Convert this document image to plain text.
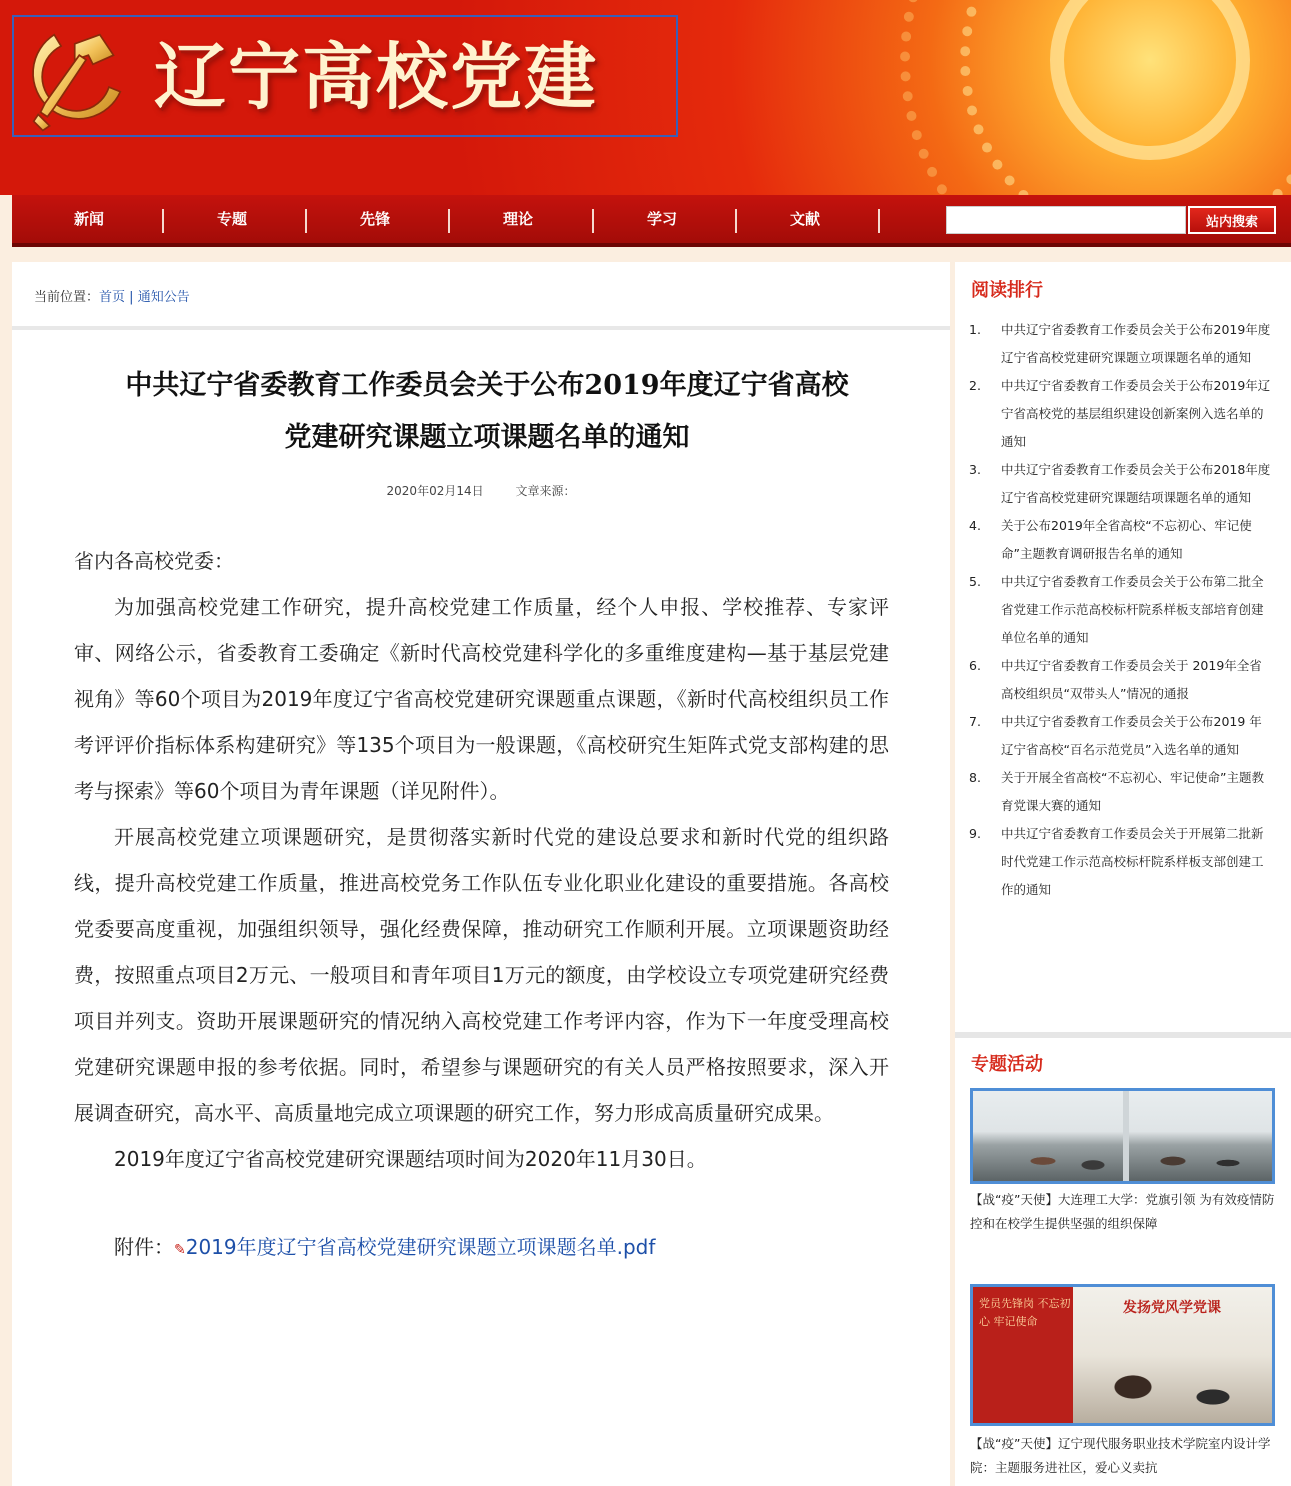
辽宁高校党建
新闻	专题	先锋	理论	学习	文献	站内搜索
当前位置：首页 | 通知公告
中共辽宁省委教育工作委员会关于公布2019年度辽宁省高校
党建研究课题立项课题名单的通知
2020年02月14日	文章来源：

省内各高校党委：

为加强高校党建工作研究，提升高校党建工作质量，经个人申报、学校推荐、专家评审、网络公示，省委教育工委确定《新时代高校党建科学化的多重维度建构—基于基层党建视角》等60个项目为2019年度辽宁省高校党建研究课题重点课题，《新时代高校组织员工作考评评价指标体系构建研究》等135个项目为一般课题，《高校研究生矩阵式党支部构建的思考与探索》等60个项目为青年课题（详见附件）。

开展高校党建立项课题研究，是贯彻落实新时代党的建设总要求和新时代党的组织路线，提升高校党建工作质量，推进高校党务工作队伍专业化职业化建设的重要措施。各高校党委要高度重视，加强组织领导，强化经费保障，推动研究工作顺利开展。立项课题资助经费，按照重点项目2万元、一般项目和青年项目1万元的额度，由学校设立专项党建研究经费项目并列支。资助开展课题研究的情况纳入高校党建工作考评内容，作为下一年度受理高校党建研究课题申报的参考依据。同时，希望参与课题研究的有关人员严格按照要求，深入开展调查研究，高水平、高质量地完成立项课题的研究工作，努力形成高质量研究成果。

2019年度辽宁省高校党建研究课题结项时间为2020年11月30日。

附件：✎2019年度辽宁省高校党建研究课题立项课题名单.pdf

阅读排行
1. 中共辽宁省委教育工作委员会关于公布2019年度辽宁省高校党建研究课题立项课题名单的通知
2. 中共辽宁省委教育工作委员会关于公布2019年辽宁省高校党的基层组织建设创新案例入选名单的通知
3. 中共辽宁省委教育工作委员会关于公布2018年度辽宁省高校党建研究课题结项课题名单的通知
4. 关于公布2019年全省高校“不忘初心、牢记使命”主题教育调研报告名单的通知
5. 中共辽宁省委教育工作委员会关于公布第二批全省党建工作示范高校标杆院系样板支部培育创建单位名单的通知
6. 中共辽宁省委教育工作委员会关于 2019年全省高校组织员“双带头人”情况的通报
7. 中共辽宁省委教育工作委员会关于公布2019 年辽宁省高校“百名示范党员”入选名单的通知
8. 关于开展全省高校“不忘初心、牢记使命”主题教育党课大赛的通知
9. 中共辽宁省委教育工作委员会关于开展第二批新时代党建工作示范高校标杆院系样板支部创建工作的通知
专题活动
【战“疫”天使】大连理工大学：党旗引领 为有效疫情防控和在校学生提供坚强的组织保障
党员先锋岗 不忘初心 牢记使命
发扬党风学党课
【战“疫”天使】辽宁现代服务职业技术学院室内设计学院：主题服务进社区，爱心义卖抗
